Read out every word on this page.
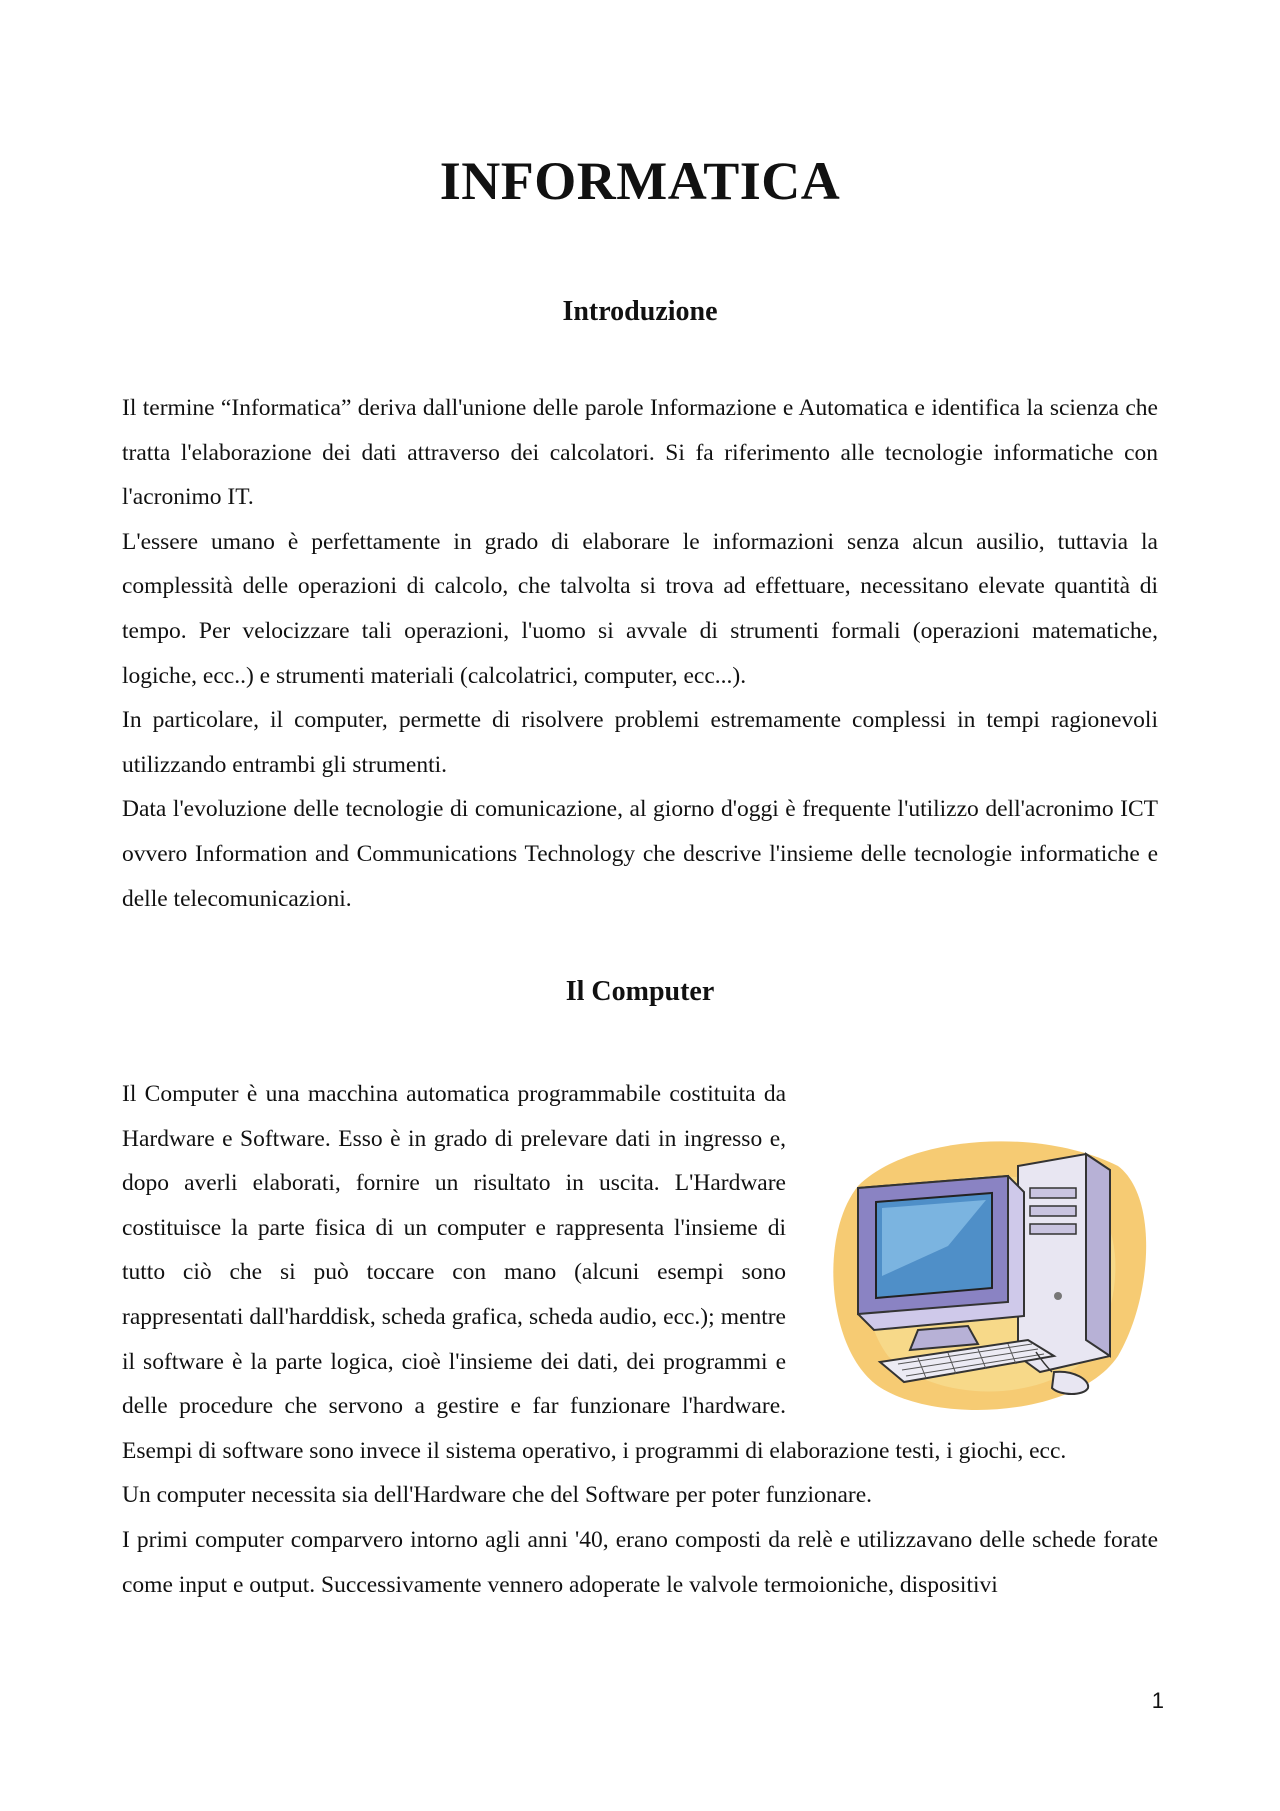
INFORMATICA
Introduzione

Il termine “Informatica” deriva dall'unione delle parole Informazione e Automatica e identifica la scienza che tratta l'elaborazione dei dati attraverso dei calcolatori. Si fa riferimento alle tecnologie informatiche con l'acronimo IT.

L'essere umano è perfettamente in grado di elaborare le informazioni senza alcun ausilio, tuttavia la complessità delle operazioni di calcolo, che talvolta si trova ad effettuare, necessitano elevate quantità di tempo. Per velocizzare tali operazioni, l'uomo si avvale di strumenti formali (operazioni matematiche, logiche, ecc..) e strumenti materiali (calcolatrici, computer, ecc...).

In particolare, il computer, permette di risolvere problemi estremamente complessi in tempi ragionevoli utilizzando entrambi gli strumenti.

Data l'evoluzione delle tecnologie di comunicazione, al giorno d'oggi è frequente l'utilizzo dell'acronimo ICT ovvero Information and Communications Technology che descrive l'insieme delle tecnologie informatiche e delle telecomunicazioni.

Il Computer

Il Computer è una macchina automatica programmabile costituita da Hardware e Software. Esso è in grado di prelevare dati in ingresso e, dopo averli elaborati, fornire un risultato in uscita. L'Hardware costituisce la parte fisica di un computer e rappresenta l'insieme di tutto ciò che si può toccare con mano (alcuni esempi sono rappresentati dall'harddisk, scheda grafica, scheda audio, ecc.); mentre il software è la parte logica, cioè l'insieme dei dati, dei programmi e delle procedure che servono a gestire e far funzionare l'hardware. Esempi di software sono invece il sistema operativo, i programmi di elaborazione testi, i giochi, ecc.

Un computer necessita sia dell'Hardware che del Software per poter funzionare.

I primi computer comparvero intorno agli anni '40, erano composti da relè e utilizzavano delle schede forate come input e output. Successivamente vennero adoperate le valvole termoioniche, dispositivi

1
